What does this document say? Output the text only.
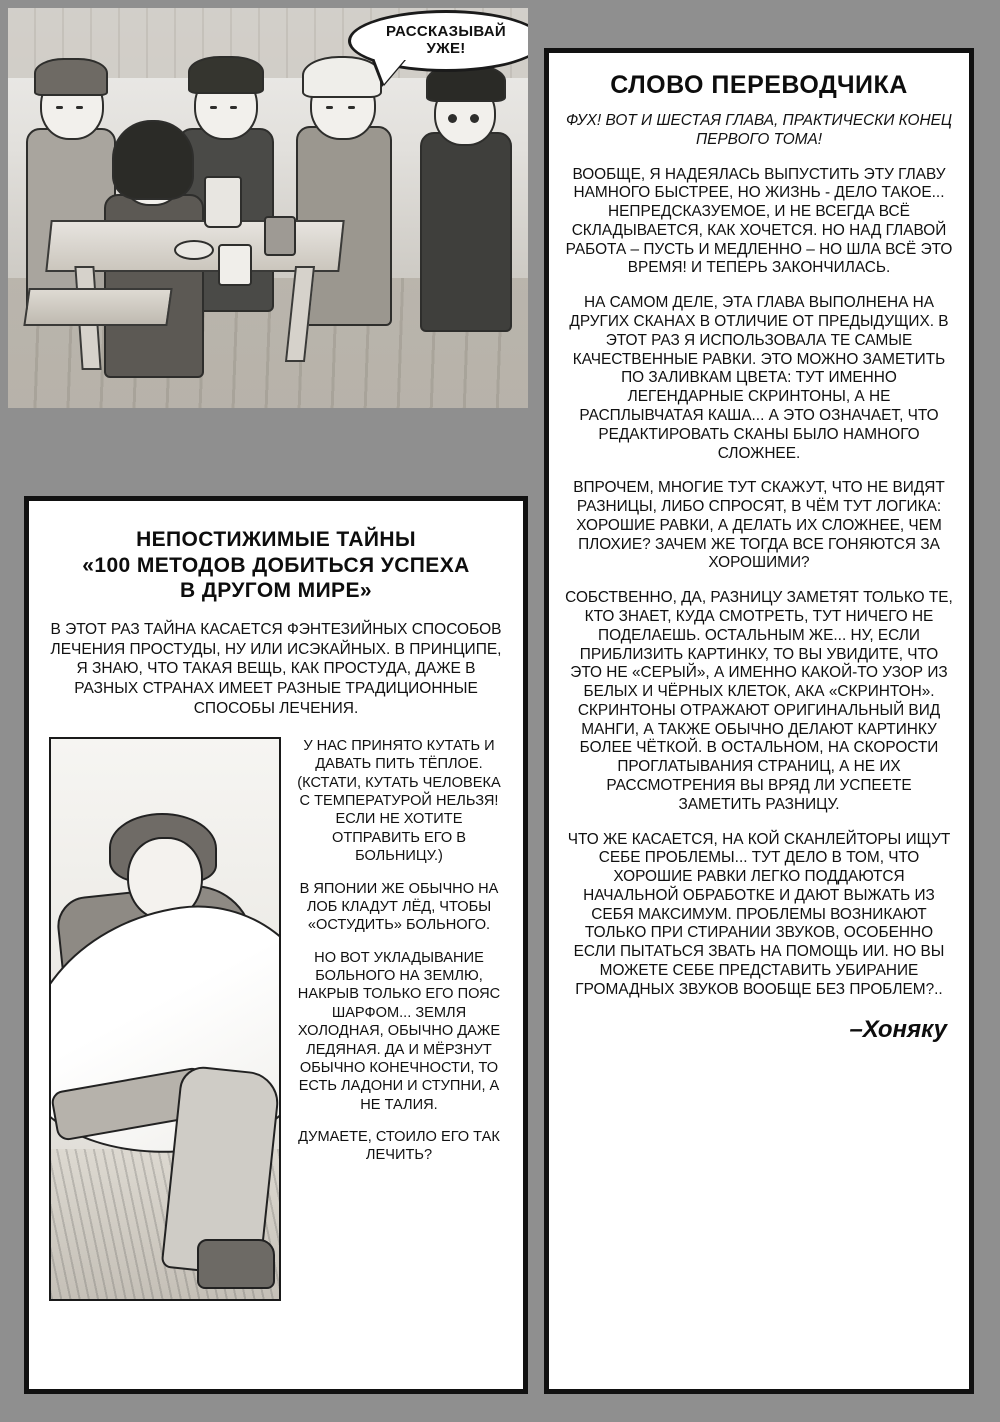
РАССКАЗЫВАЙ УЖЕ!
НЕПОСТИЖИМЫЕ ТАЙНЫ
«100 МЕТОДОВ ДОБИТЬСЯ УСПЕХА
В ДРУГОМ МИРЕ»
В ЭТОТ РАЗ ТАЙНА КАСАЕТСЯ ФЭНТЕЗИЙНЫХ СПОСОБОВ ЛЕЧЕНИЯ ПРОСТУДЫ, НУ ИЛИ ИСЭКАЙНЫХ. В ПРИНЦИПЕ, Я ЗНАЮ, ЧТО ТАКАЯ ВЕЩЬ, КАК ПРОСТУДА, ДАЖЕ В РАЗНЫХ СТРАНАХ ИМЕЕТ РАЗНЫЕ ТРАДИЦИОННЫЕ СПОСОБЫ ЛЕЧЕНИЯ.

У НАС ПРИНЯТО КУТАТЬ И ДАВАТЬ ПИТЬ ТЁПЛОЕ. (КСТАТИ, КУТАТЬ ЧЕЛОВЕКА С ТЕМПЕРАТУРОЙ НЕЛЬЗЯ! ЕСЛИ НЕ ХОТИТЕ ОТПРАВИТЬ ЕГО В БОЛЬНИЦУ.)

В ЯПОНИИ ЖЕ ОБЫЧНО НА ЛОБ КЛАДУТ ЛЁД, ЧТОБЫ «ОСТУДИТЬ» БОЛЬНОГО.

НО ВОТ УКЛАДЫВАНИЕ БОЛЬНОГО НА ЗЕМЛЮ, НАКРЫВ ТОЛЬКО ЕГО ПОЯС ШАРФОМ... ЗЕМЛЯ ХОЛОДНАЯ, ОБЫЧНО ДАЖЕ ЛЕДЯНАЯ. ДА И МЁРЗНУТ ОБЫЧНО КОНЕЧНОСТИ, ТО ЕСТЬ ЛАДОНИ И СТУПНИ, А НЕ ТАЛИЯ.

ДУМАЕТЕ, СТОИЛО ЕГО ТАК ЛЕЧИТЬ?

СЛОВО ПЕРЕВОДЧИКА

ФУХ! ВОТ И ШЕСТАЯ ГЛАВА, ПРАКТИЧЕСКИ КОНЕЦ ПЕРВОГО ТОМА!

ВООБЩЕ, Я НАДЕЯЛАСЬ ВЫПУСТИТЬ ЭТУ ГЛАВУ НАМНОГО БЫСТРЕЕ, НО ЖИЗНЬ - ДЕЛО ТАКОЕ... НЕПРЕДСКАЗУЕМОЕ, И НЕ ВСЕГДА ВСЁ СКЛАДЫВАЕТСЯ, КАК ХОЧЕТСЯ. НО НАД ГЛАВОЙ РАБОТА – ПУСТЬ И МЕДЛЕННО – НО ШЛА ВСЁ ЭТО ВРЕМЯ! И ТЕПЕРЬ ЗАКОНЧИЛАСЬ.

НА САМОМ ДЕЛЕ, ЭТА ГЛАВА ВЫПОЛНЕНА НА ДРУГИХ СКАНАХ В ОТЛИЧИЕ ОТ ПРЕДЫДУЩИХ. В ЭТОТ РАЗ Я ИСПОЛЬЗОВАЛА ТЕ САМЫЕ КАЧЕСТВЕННЫЕ РАВКИ. ЭТО МОЖНО ЗАМЕТИТЬ ПО ЗАЛИВКАМ ЦВЕТА: ТУТ ИМЕННО ЛЕГЕНДАРНЫЕ СКРИНТОНЫ, А НЕ РАСПЛЫВЧАТАЯ КАША... А ЭТО ОЗНАЧАЕТ, ЧТО РЕДАКТИРОВАТЬ СКАНЫ БЫЛО НАМНОГО СЛОЖНЕЕ.

ВПРОЧЕМ, МНОГИЕ ТУТ СКАЖУТ, ЧТО НЕ ВИДЯТ РАЗНИЦЫ, ЛИБО СПРОСЯТ, В ЧЁМ ТУТ ЛОГИКА: ХОРОШИЕ РАВКИ, А ДЕЛАТЬ ИХ СЛОЖНЕЕ, ЧЕМ ПЛОХИЕ? ЗАЧЕМ ЖЕ ТОГДА ВСЕ ГОНЯЮТСЯ ЗА ХОРОШИМИ?

СОБСТВЕННО, ДА, РАЗНИЦУ ЗАМЕТЯТ ТОЛЬКО ТЕ, КТО ЗНАЕТ, КУДА СМОТРЕТЬ, ТУТ НИЧЕГО НЕ ПОДЕЛАЕШЬ. ОСТАЛЬНЫМ ЖЕ... НУ, ЕСЛИ ПРИБЛИЗИТЬ КАРТИНКУ, ТО ВЫ УВИДИТЕ, ЧТО ЭТО НЕ «СЕРЫЙ», А ИМЕННО КАКОЙ-ТО УЗОР ИЗ БЕЛЫХ И ЧЁРНЫХ КЛЕТОК, АКА «СКРИНТОН». СКРИНТОНЫ ОТРАЖАЮТ ОРИГИНАЛЬНЫЙ ВИД МАНГИ, А ТАКЖЕ ОБЫЧНО ДЕЛАЮТ КАРТИНКУ БОЛЕЕ ЧЁТКОЙ. В ОСТАЛЬНОМ, НА СКОРОСТИ ПРОГЛАТЫВАНИЯ СТРАНИЦ, А НЕ ИХ РАССМОТРЕНИЯ ВЫ ВРЯД ЛИ УСПЕЕТЕ ЗАМЕТИТЬ РАЗНИЦУ.

ЧТО ЖЕ КАСАЕТСЯ, НА КОЙ СКАНЛЕЙТОРЫ ИЩУТ СЕБЕ ПРОБЛЕМЫ... ТУТ ДЕЛО В ТОМ, ЧТО ХОРОШИЕ РАВКИ ЛЕГКО ПОДДАЮТСЯ НАЧАЛЬНОЙ ОБРАБОТКЕ И ДАЮТ ВЫЖАТЬ ИЗ СЕБЯ МАКСИМУМ. ПРОБЛЕМЫ ВОЗНИКАЮТ ТОЛЬКО ПРИ СТИРАНИИ ЗВУКОВ, ОСОБЕННО ЕСЛИ ПЫТАТЬСЯ ЗВАТЬ НА ПОМОЩЬ ИИ. НО ВЫ МОЖЕТЕ СЕБЕ ПРЕДСТАВИТЬ УБИРАНИЕ ГРОМАДНЫХ ЗВУКОВ ВООБЩЕ БЕЗ ПРОБЛЕМ?..

–Хоняку
